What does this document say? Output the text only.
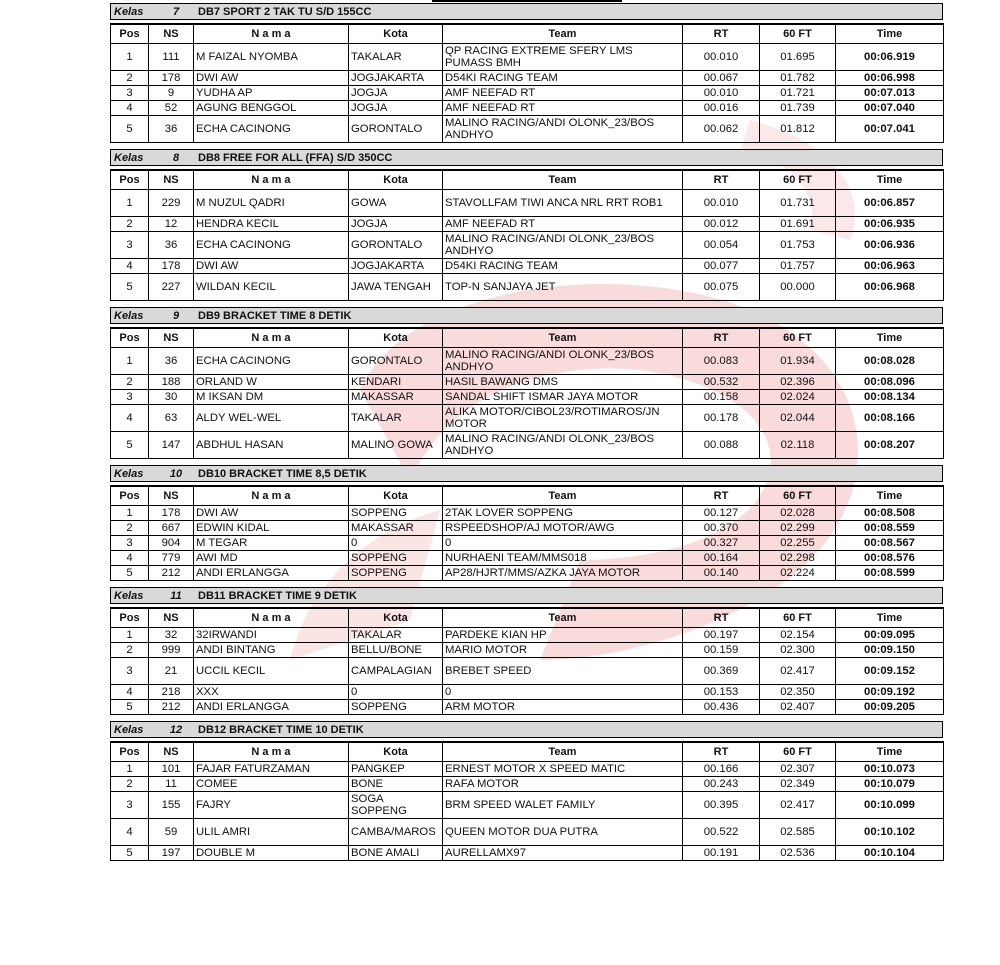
Kelas	7	DB7 SPORT 2 TAK TU S/D 155CC
Pos	NS	N a m a	Kota	Team	RT	60 FT	Time
1	111	M FAIZAL NYOMBA	TAKALAR	QP RACING EXTREME SFERY LMS PUMASS BMH	00.010	01.695	00:06.919
2	178	DWI AW	JOGJAKARTA	D54KI RACING TEAM	00.067	01.782	00:06.998
3	9	YUDHA AP	JOGJA	AMF NEEFAD RT	00.010	01.721	00:07.013
4	52	AGUNG BENGGOL	JOGJA	AMF NEEFAD RT	00.016	01.739	00:07.040
5	36	ECHA CACINONG	GORONTALO	MALINO RACING/ANDI OLONK_23/BOS ANDHYO	00.062	01.812	00:07.041
Kelas	8	DB8 FREE FOR ALL (FFA) S/D 350CC
Pos	NS	N a m a	Kota	Team	RT	60 FT	Time
1	229	M NUZUL QADRI	GOWA	STAVOLLFAM TIWI ANCA NRL RRT ROB1	00.010	01.731	00:06.857
2	12	HENDRA KECIL	JOGJA	AMF NEEFAD RT	00.012	01.691	00:06.935
3	36	ECHA CACINONG	GORONTALO	MALINO RACING/ANDI OLONK_23/BOS ANDHYO	00.054	01.753	00:06.936
4	178	DWI AW	JOGJAKARTA	D54KI RACING TEAM	00.077	01.757	00:06.963
5	227	WILDAN KECIL	JAWA TENGAH	TOP-N SANJAYA JET	00.075	00.000	00:06.968
Kelas	9	DB9 BRACKET TIME 8 DETIK
Pos	NS	N a m a	Kota	Team	RT	60 FT	Time
1	36	ECHA CACINONG	GORONTALO	MALINO RACING/ANDI OLONK_23/BOS ANDHYO	00.083	01.934	00:08.028
2	188	ORLAND W	KENDARI	HASIL BAWANG DMS	00.532	02.396	00:08.096
3	30	M IKSAN DM	MAKASSAR	SANDAL SHIFT ISMAR JAYA MOTOR	00.158	02.024	00:08.134
4	63	ALDY WEL-WEL	TAKALAR	ALIKA MOTOR/CIBOL23/ROTIMAROS/JN MOTOR	00.178	02.044	00:08.166
5	147	ABDHUL HASAN	MALINO GOWA	MALINO RACING/ANDI OLONK_23/BOS ANDHYO	00.088	02.118	00:08.207
Kelas	10	DB10 BRACKET TIME 8,5 DETIK
Pos	NS	N a m a	Kota	Team	RT	60 FT	Time
1	178	DWI AW	SOPPENG	2TAK LOVER SOPPENG	00.127	02.028	00:08.508
2	667	EDWIN KIDAL	MAKASSAR	RSPEEDSHOP/AJ MOTOR/AWG	00.370	02.299	00:08.559
3	904	M TEGAR	0	0	00.327	02.255	00:08.567
4	779	AWI MD	SOPPENG	NURHAENI TEAM/MMS018	00.164	02.298	00:08.576
5	212	ANDI ERLANGGA	SOPPENG	AP28/HJRT/MMS/AZKA JAYA MOTOR	00.140	02.224	00:08.599
Kelas	11	DB11 BRACKET TIME 9 DETIK
Pos	NS	N a m a	Kota	Team	RT	60 FT	Time
1	32	32IRWANDI	TAKALAR	PARDEKE KIAN HP	00.197	02.154	00:09.095
2	999	ANDI BINTANG	BELLU/BONE	MARIO MOTOR	00.159	02.300	00:09.150
3	21	UCCIL KECIL	CAMPALAGIAN	BREBET SPEED	00.369	02.417	00:09.152
4	218	XXX	0	0	00.153	02.350	00:09.192
5	212	ANDI ERLANGGA	SOPPENG	ARM MOTOR	00.436	02.407	00:09.205
Kelas	12	DB12 BRACKET TIME 10 DETIK
Pos	NS	N a m a	Kota	Team	RT	60 FT	Time
1	101	FAJAR FATURZAMAN	PANGKEP	ERNEST MOTOR X SPEED MATIC	00.166	02.307	00:10.073
2	11	COMEE	BONE	RAFA MOTOR	00.243	02.349	00:10.079
3	155	FAJRY	SOGA SOPPENG	BRM SPEED WALET FAMILY	00.395	02.417	00:10.099
4	59	ULIL AMRI	CAMBA/MAROS	QUEEN MOTOR DUA PUTRA	00.522	02.585	00:10.102
5	197	DOUBLE M	BONE AMALI	AURELLAMX97	00.191	02.536	00:10.104
